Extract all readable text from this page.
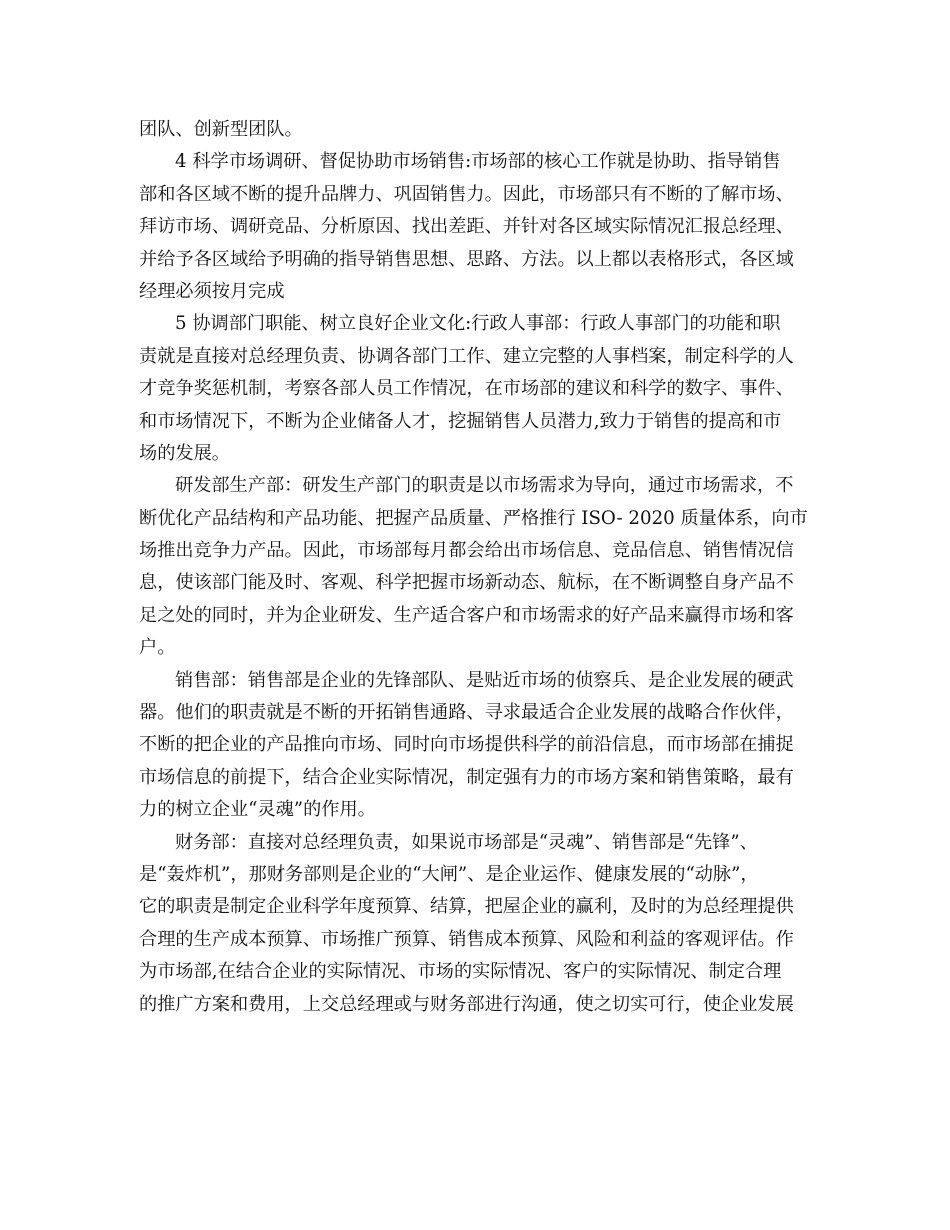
团队、创新型团队。
4 科学市场调研、督促协助市场销售:市场部的核心工作就是协助、指导销售
部和各区域不断的提升品牌力、巩固销售力。因此，市场部只有不断的了解市场、
拜访市场、调研竞品、分析原因、找出差距、并针对各区域实际情况汇报总经理、
并给予各区域给予明确的指导销售思想、思路、方法。以上都以表格形式，各区域
经理必须按月完成
5 协调部门职能、树立良好企业文化:行政人事部：行政人事部门的功能和职
责就是直接对总经理负责、协调各部门工作、建立完整的人事档案，制定科学的人
才竞争奖惩机制，考察各部人员工作情况，在市场部的建议和科学的数字、事件、
和市场情况下，不断为企业储备人才，挖掘销售人员潜力,致力于销售的提高和市
场的发展。
研发部生产部：研发生产部门的职责是以市场需求为导向，通过市场需求，不
断优化产品结构和产品功能、把握产品质量、严格推行 ISO- 2020 质量体系，向市
场推出竞争力产品。因此，市场部每月都会给出市场信息、竞品信息、销售情况信
息，使该部门能及时、客观、科学把握市场新动态、航标，在不断调整自身产品不
足之处的同时，并为企业研发、生产适合客户和市场需求的好产品来赢得市场和客
户。
销售部：销售部是企业的先锋部队、是贴近市场的侦察兵、是企业发展的硬武
器。他们的职责就是不断的开拓销售通路、寻求最适合企业发展的战略合作伙伴，
不断的把企业的产品推向市场、同时向市场提供科学的前沿信息，而市场部在捕捉
市场信息的前提下，结合企业实际情况，制定强有力的市场方案和销售策略，最有
力的树立企业“灵魂”的作用。
财务部：直接对总经理负责，如果说市场部是“灵魂”、销售部是“先锋”、
是“轰炸机”，那财务部则是企业的“大闸”、是企业运作、健康发展的“动脉”，
它的职责是制定企业科学年度预算、结算，把屋企业的赢利，及时的为总经理提供
合理的生产成本预算、市场推广预算、销售成本预算、风险和利益的客观评估。作
为市场部,在结合企业的实际情况、市场的实际情况、客户的实际情况、制定合理
的推广方案和费用，上交总经理或与财务部进行沟通，使之切实可行，使企业发展
